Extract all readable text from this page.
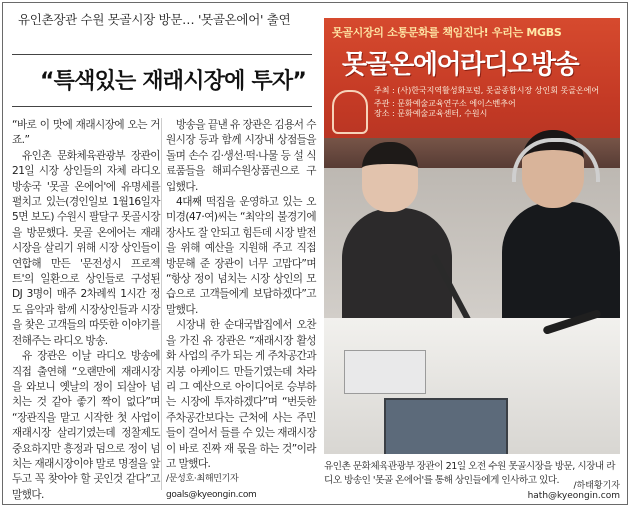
유인촌장관 수원 못골시장 방문… '못골온에어' 출연
“특색있는 재래시장에 투자”

“바로 이 맛에 재래시장에 오는 거죠.”

유인촌 문화체육관광부 장관이 21일 시장 상인들의 자체 라디오 방송국 '못골 온에어'에 유명세를 펼치고 있는(경인일보 1월16일자 5면 보도) 수원시 팔달구 못골시장을 방문했다. 못골 온에어는 재래시장을 살리기 위해 시장 상인들이 연합해 만든 '문전성시 프로젝트'의 일환으로 상인들로 구성된 DJ 3명이 매주 2차례씩 1시간 정도 음악과 함께 시장상인들과 시장을 찾은 고객들의 따뜻한 이야기를 전해주는 라디오 방송.

유 장관은 이날 라디오 방송에 직접 출연해 “오랜만에 재래시장을 와보니 옛날의 정이 되살아 넘치는 것 같아 좋기 짝이 없다”며 “장관직을 맡고 시작한 첫 사업이 재래시장 살리기였는데 정찰제도 중요하지만 흥정과 덤으로 정이 넘치는 재래시장이야 말로 명절을 앞두고 꼭 찾아야 할 곳인것 같다”고 말했다.

방송을 끝낸 유 장관은 김용서 수원시장 등과 함께 시장내 상점들을 돌며 손수 김·생선·떡·나물 등 설 식료품들을 해피수원상품권으로 구입했다.

4대째 떡집을 운영하고 있는 오미경(47·여)씨는 “최악의 불경기에 장사도 잘 안되고 힘든데 시장 발전을 위해 예산을 지원해 주고 직접 방문해 준 장관이 너무 고맙다”며 “항상 정이 넘치는 시장 상인의 모습으로 고객들에게 보답하겠다”고 말했다.

시장내 한 순대국밥집에서 오찬을 가진 유 장관은 “재래시장 활성화 사업의 주가 되는 게 주차공간과 지붕 아케이드 만들기였는데 차라리 그 예산으로 아이디어로 승부하는 시장에 투자하겠다”며 “번듯한 주차공간보다는 근처에 사는 주민들이 걸어서 들를 수 있는 재래시장이 바로 진짜 재 몫을 하는 것”이라고 말했다.

/문성호·최해민기자 goals@kyeongin.com

못골시장의 소통문화를 책임진다! 우리는 MGBS
못골온에어라디오방송
주최 : (사)한국지역활성화포럼, 못골종합시장 상인회 못골온에어
주관 : 문화예술교육연구소 에이스벤추어
장소 : 문화예술교육센터, 수원시
유인촌 문화체육관광부 장관이 21일 오전 수원 못골시장을 방문, 시장내 라디오 방송인 '못골 온에어'를 통해 상인들에게 인사하고 있다.	/하태황기자 hath@kyeongin.com
